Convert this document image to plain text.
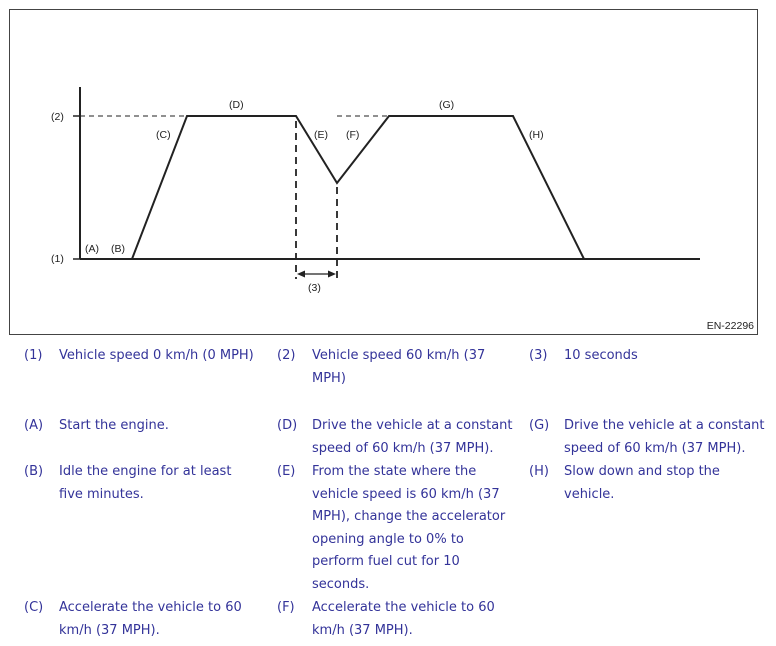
(2)
(1)
(3)
(A) (B)
(C)
(D)
(E) (F)
(G)
(H)
EN-22296
(1) Vehicle speed 0 km/h (0 MPH)	(2) Vehicle speed 60 km/h (37 MPH)
(3) 10 seconds
(A) Start the engine.
(B) Idle the engine for at least five minutes.
(C) Accelerate the vehicle to 60 km/h (37 MPH).
(D) Drive the vehicle at a constant speed of 60 km/h (37 MPH).
(E) From the state where the vehicle speed is 60 km/h (37 MPH), change the accelerator opening angle to 0% to perform fuel cut for 10 seconds.
(F) Accelerate the vehicle to 60 km/h (37 MPH).
(G) Drive the vehicle at a constant speed of 60 km/h (37 MPH).
(H) Slow down and stop the vehicle.
